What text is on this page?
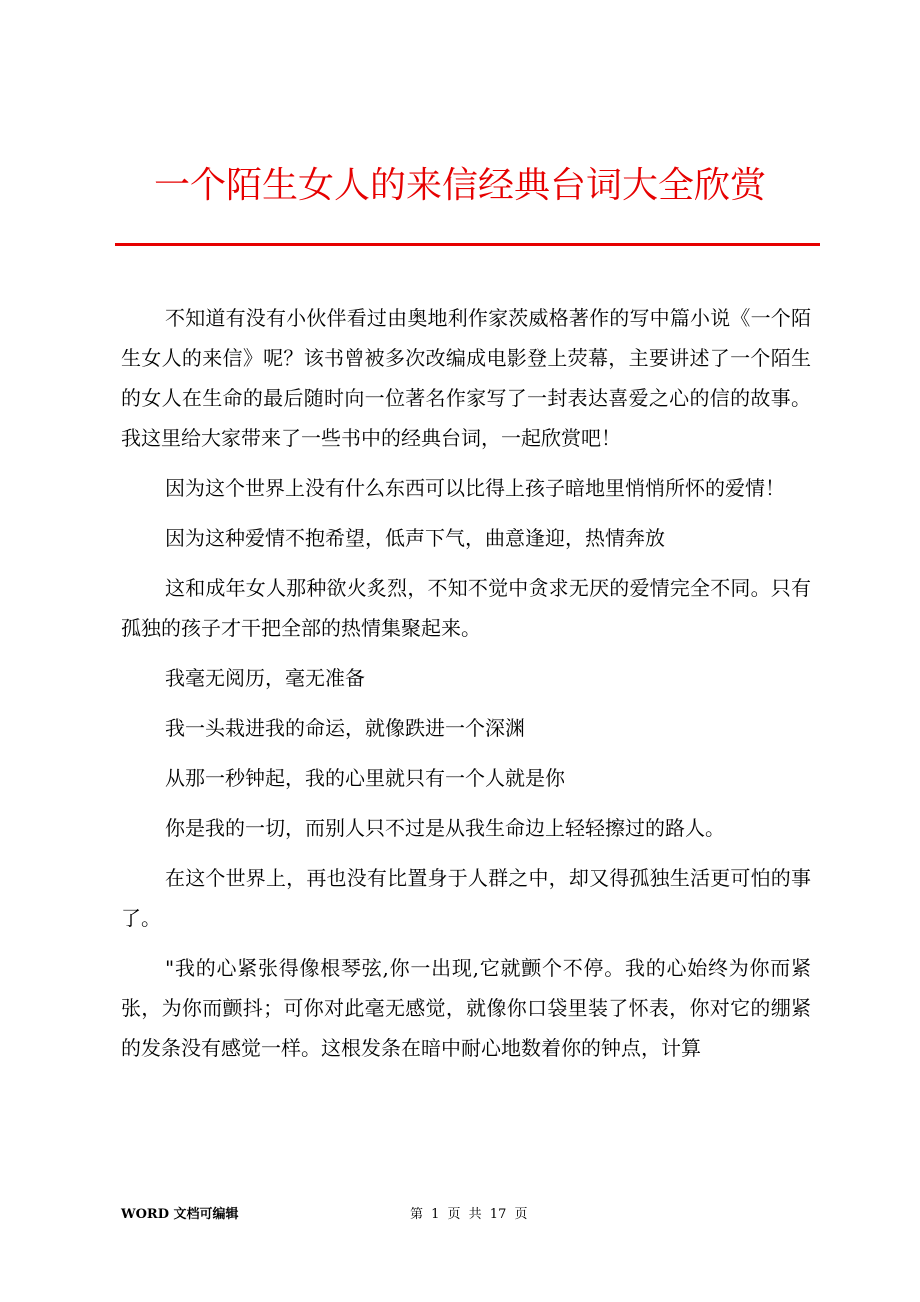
一个陌生女人的来信经典台词大全欣赏

不知道有没有小伙伴看过由奥地利作家茨威格著作的写中篇小说《一个陌生女人的来信》呢？该书曾被多次改编成电影登上荧幕，主要讲述了一个陌生的女人在生命的最后随时向一位著名作家写了一封表达喜爱之心的信的故事。我这里给大家带来了一些书中的经典台词，一起欣赏吧！

因为这个世界上没有什么东西可以比得上孩子暗地里悄悄所怀的爱情！

因为这种爱情不抱希望，低声下气，曲意逢迎，热情奔放

这和成年女人那种欲火炙烈，不知不觉中贪求无厌的爱情完全不同。只有孤独的孩子才干把全部的热情集聚起来。

我毫无阅历，毫无准备

我一头栽进我的命运，就像跌进一个深渊

从那一秒钟起，我的心里就只有一个人就是你

你是我的一切，而别人只不过是从我生命边上轻轻擦过的路人。

在这个世界上，再也没有比置身于人群之中，却又得孤独生活更可怕的事了。

"我的心紧张得像根琴弦,你一出现,它就颤个不停。我的心始终为你而紧张，为你而颤抖；可你对此毫无感觉，就像你口袋里装了怀表，你对它的绷紧的发条没有感觉一样。这根发条在暗中耐心地数着你的钟点，计算

WORD 文档可编辑	第 1 页 共 17 页
